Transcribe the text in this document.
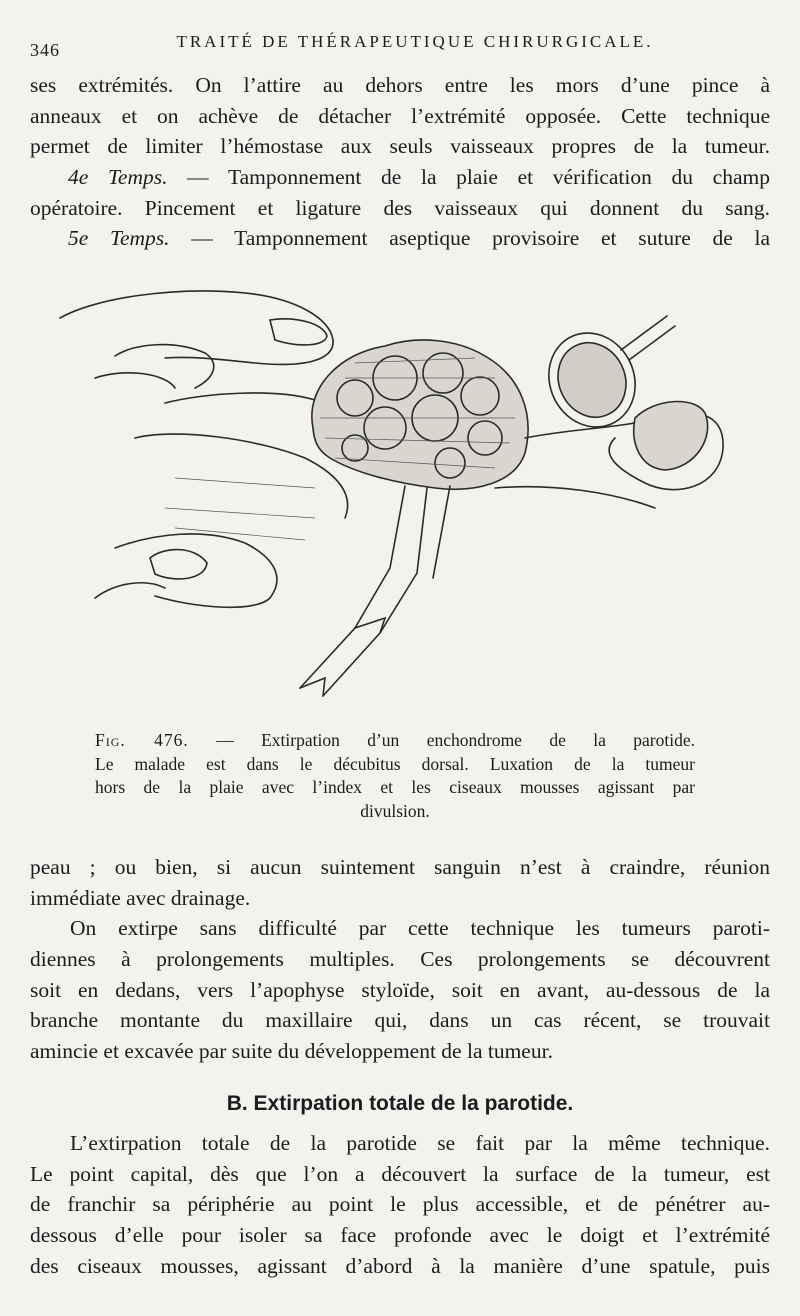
346	TRAITÉ DE THÉRAPEUTIQUE CHIRURGICALE.
ses extrémités. On l’attire au dehors entre les mors d’une pince à
anneaux et on achève de détacher l’extrémité opposée. Cette technique
permet de limiter l’hémostase aux seuls vaisseaux propres de la tumeur.
4e Temps. — Tamponnement de la plaie et vérification du champ
opératoire. Pincement et ligature des vaisseaux qui donnent du sang.
5e Temps. — Tamponnement aseptique provisoire et suture de la
Fig. 476. — Extirpation d’un enchondrome de la parotide.
Le malade est dans le décubitus dorsal. Luxation de la tumeur
hors de la plaie avec l’index et les ciseaux mousses agissant par
divulsion.
peau ; ou bien, si aucun suintement sanguin n’est à craindre, réunion
immédiate avec drainage.
On extirpe sans difficulté par cette technique les tumeurs paroti-
diennes à prolongements multiples. Ces prolongements se découvrent
soit en dedans, vers l’apophyse styloïde, soit en avant, au-dessous de la
branche montante du maxillaire qui, dans un cas récent, se trouvait
amincie et excavée par suite du développement de la tumeur.
B. Extirpation totale de la parotide.
L’extirpation totale de la parotide se fait par la même technique.
Le point capital, dès que l’on a découvert la surface de la tumeur, est
de franchir sa périphérie au point le plus accessible, et de pénétrer au-
dessous d’elle pour isoler sa face profonde avec le doigt et l’extrémité
des ciseaux mousses, agissant d’abord à la manière d’une spatule, puis
